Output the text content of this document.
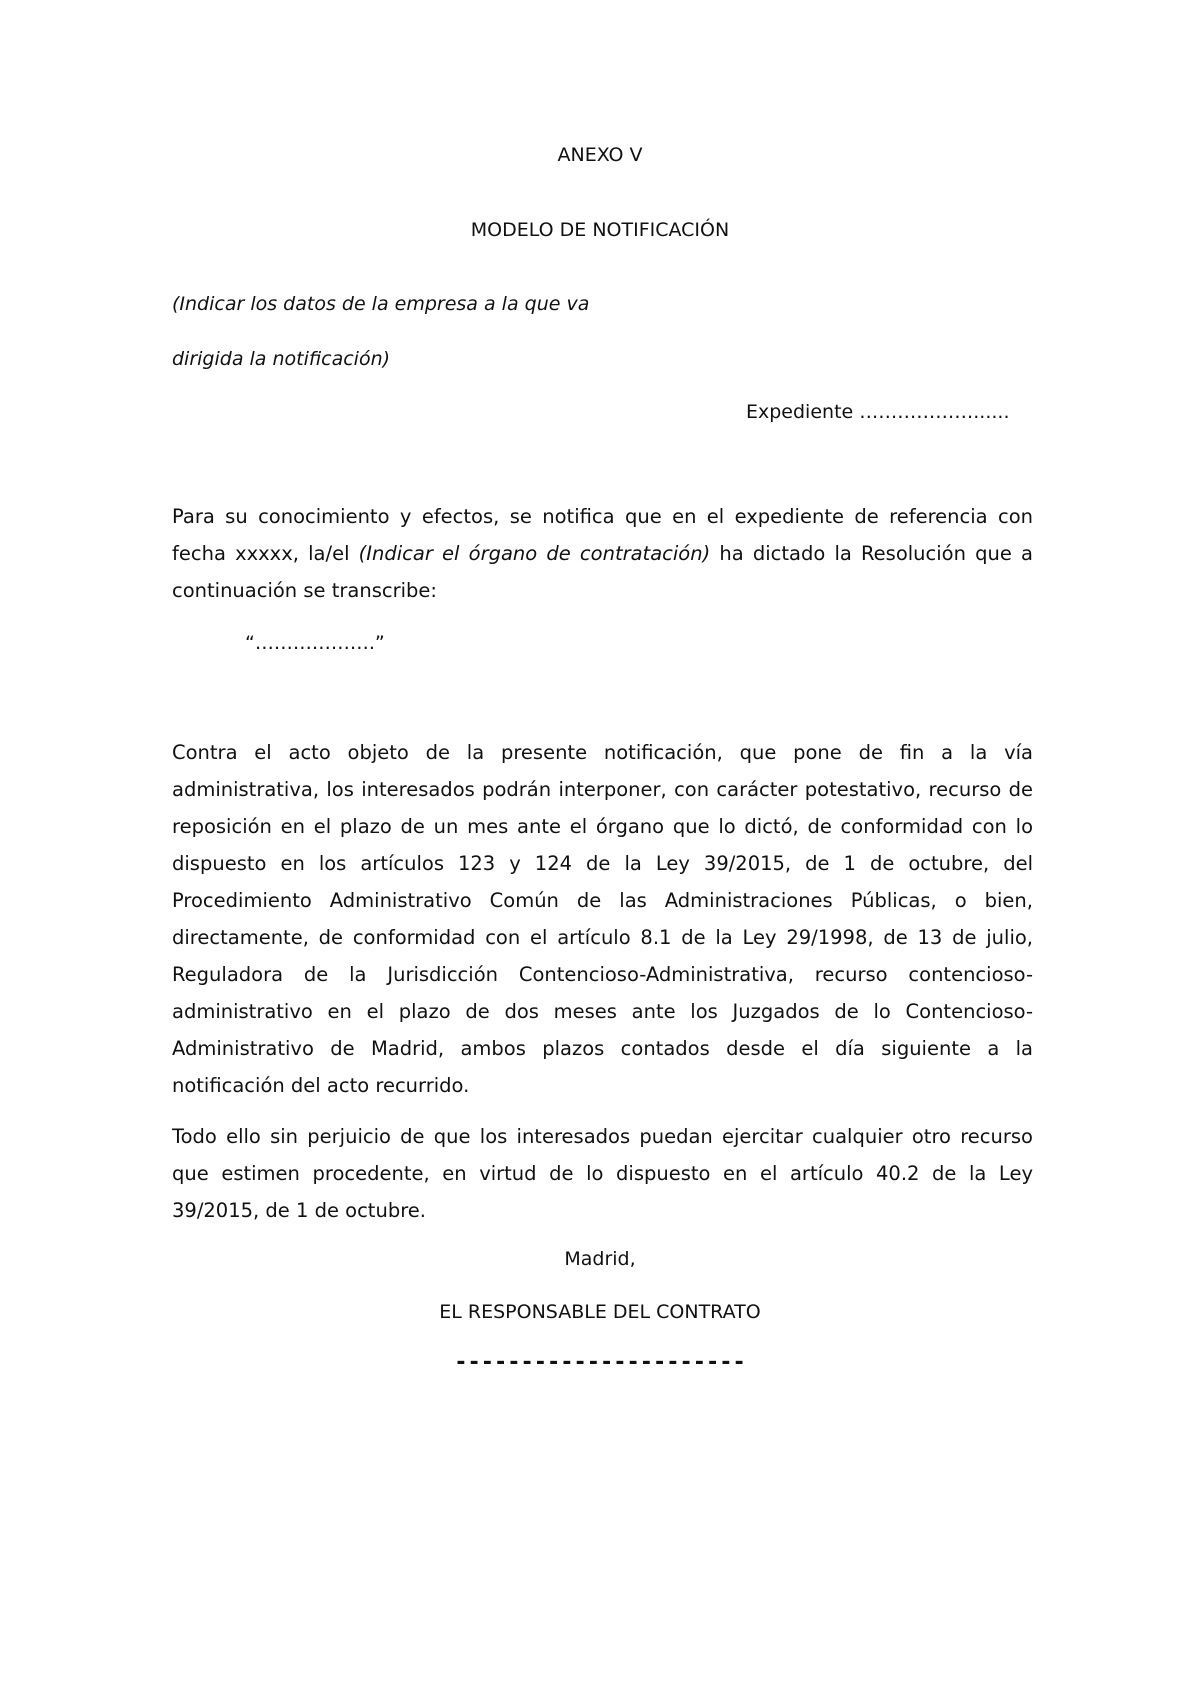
ANEXO V
MODELO DE NOTIFICACIÓN
(Indicar los datos de la empresa a la que va
dirigida la notificación)
Expediente ………………......
Para su conocimiento y efectos, se notifica que en el expediente de referencia con fecha xxxxx, la/el (Indicar el órgano de contratación) ha dictado la Resolución que a continuación se transcribe:
“……………….”
Contra el acto objeto de la presente notificación, que pone de fin a la vía administrativa, los interesados podrán interponer, con carácter potestativo, recurso de reposición en el plazo de un mes ante el órgano que lo dictó, de conformidad con lo dispuesto en los artículos 123 y 124 de la Ley 39/2015, de 1 de octubre, del Procedimiento Administrativo Común de las Administraciones Públicas, o bien, directamente, de conformidad con el artículo 8.1 de la Ley 29/1998, de 13 de julio, Reguladora de la Jurisdicción Contencioso-Administrativa, recurso contencioso-administrativo en el plazo de dos meses ante los Juzgados de lo Contencioso-Administrativo de Madrid, ambos plazos contados desde el día siguiente a la notificación del acto recurrido.
Todo ello sin perjuicio de que los interesados puedan ejercitar cualquier otro recurso que estimen procedente, en virtud de lo dispuesto en el artículo 40.2 de la Ley 39/2015, de 1 de octubre.
Madrid,
EL RESPONSABLE DEL CONTRATO
----------------------
